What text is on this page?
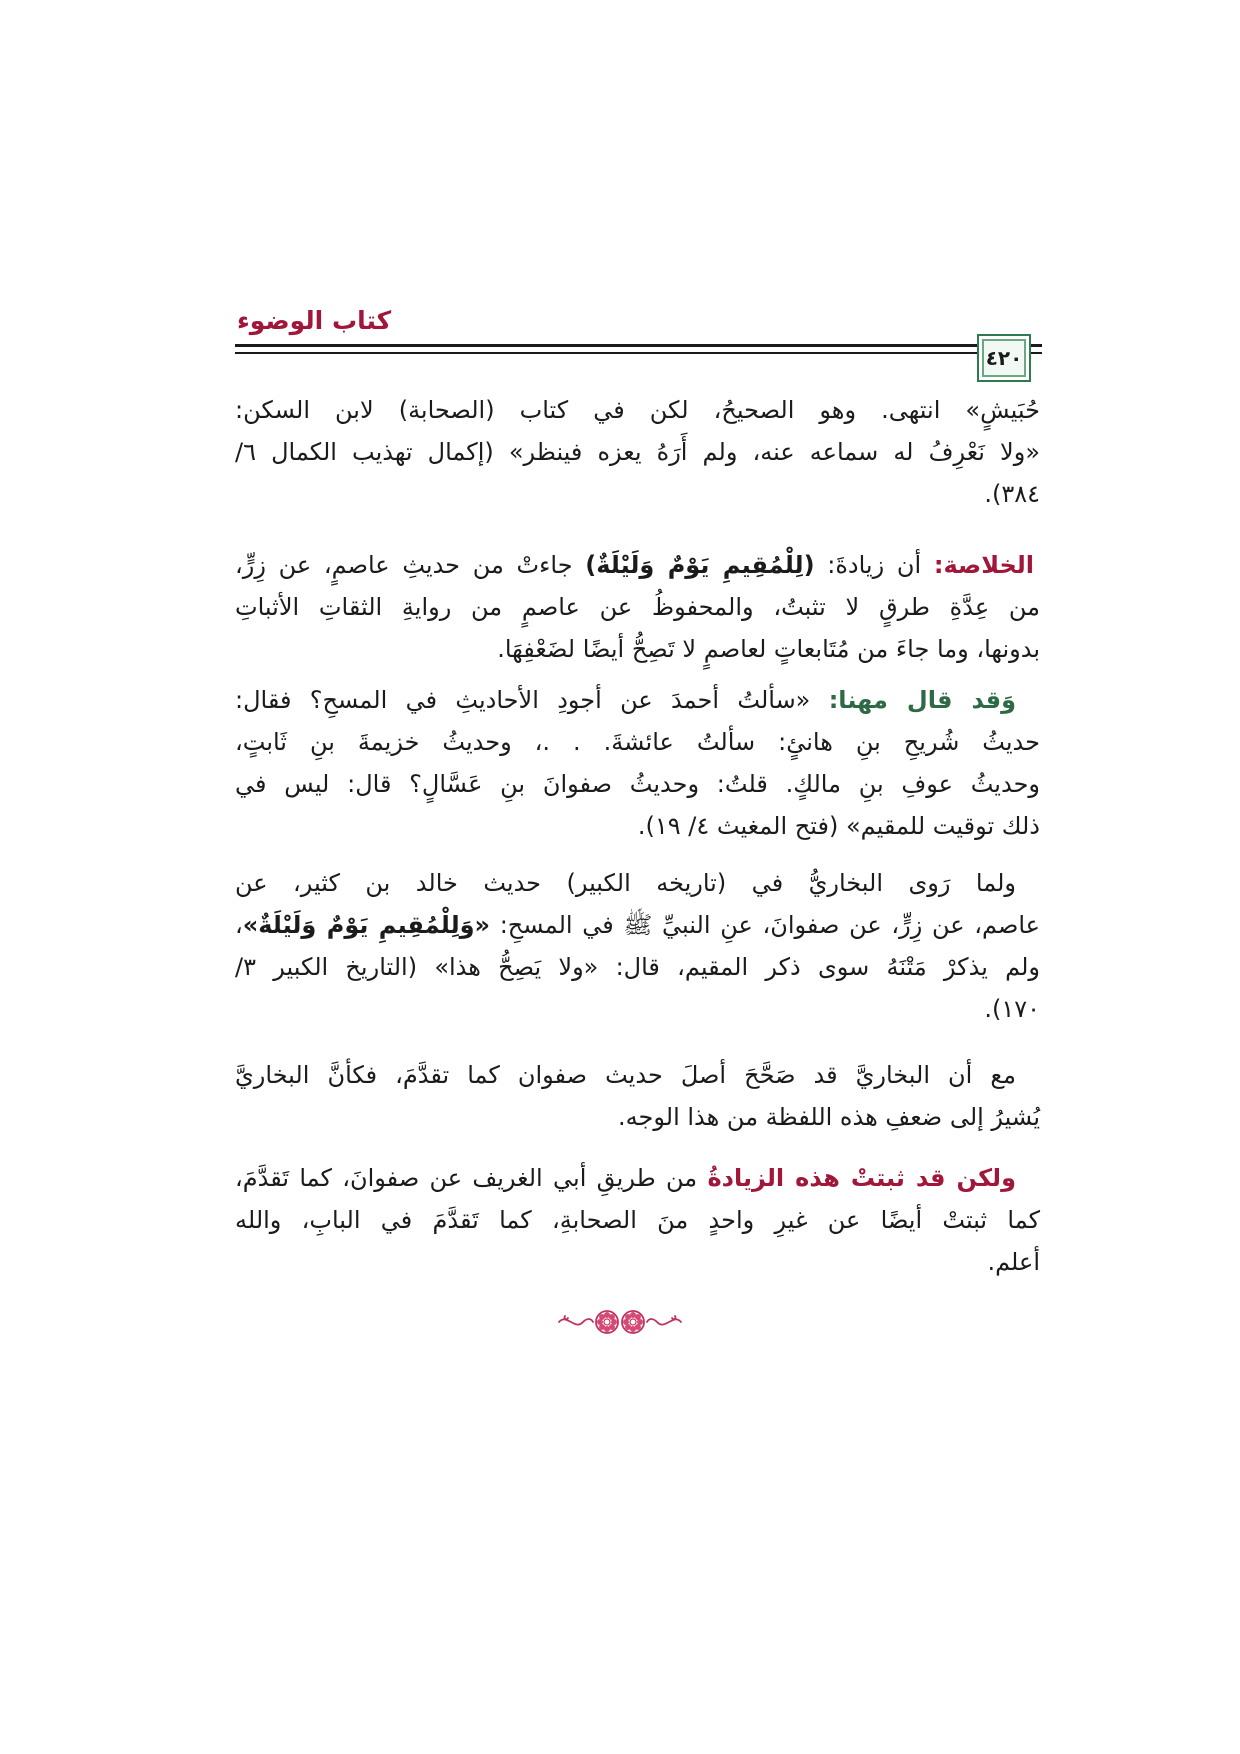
كتاب الوضوء
٤٢٠
حُبَيشٍ» انتهى. وهو الصحيحُ، لكن في كتاب (الصحابة) لابن السكن:
«ولا نَعْرِفُ له سماعه عنه، ولم أَرَهُ يعزه فينظر» (إكمال تهذيب الكمال ٦/
٣٨٤).
الخلاصة: أن زيادةَ: (لِلْمُقِيمِ يَوْمٌ وَلَيْلَةٌ) جاءتْ من حديثِ عاصمٍ، عن زِرٍّ،
من عِدَّةِ طرقٍ لا تثبتُ، والمحفوظُ عن عاصمٍ من روايةِ الثقاتِ الأثباتِ
بدونها، وما جاءَ من مُتَابعاتٍ لعاصمٍ لا تَصِحُّ أيضًا لضَعْفِهَا.
وَقد قال مهنا: «سألتُ أحمدَ عن أجودِ الأحاديثِ في المسحِ؟ فقال:
حديثُ شُريحِ بنِ هانئٍ: سألتُ عائشةَ. . .، وحديثُ خزيمةَ بنِ ثَابتٍ،
وحديثُ عوفِ بنِ مالكٍ. قلتُ: وحديثُ صفوانَ بنِ عَسَّالٍ؟ قال: ليس في
ذلك توقيت للمقيم» (فتح المغيث ٤/ ١٩).
ولما رَوى البخاريُّ في (تاريخه الكبير) حديث خالد بن كثير، عن
عاصم، عن زِرٍّ، عن صفوانَ، عنِ النبيِّ ﷺ في المسحِ: «وَلِلْمُقِيمِ يَوْمٌ وَلَيْلَةٌ»،
ولم يذكرْ مَتْنَهُ سوى ذكر المقيم، قال: «ولا يَصِحُّ هذا» (التاريخ الكبير ٣/
١٧٠).
مع أن البخاريَّ قد صَحَّحَ أصلَ حديث صفوان كما تقدَّمَ، فكأنَّ البخاريَّ
يُشيرُ إلى ضعفِ هذه اللفظة من هذا الوجه.
ولكن قد ثبتتْ هذه الزيادةُ من طريقِ أبي الغريف عن صفوانَ، كما تَقدَّمَ،
كما ثبتتْ أيضًا عن غيرِ واحدٍ منَ الصحابةِ، كما تَقدَّمَ في البابِ، والله
أعلم.
